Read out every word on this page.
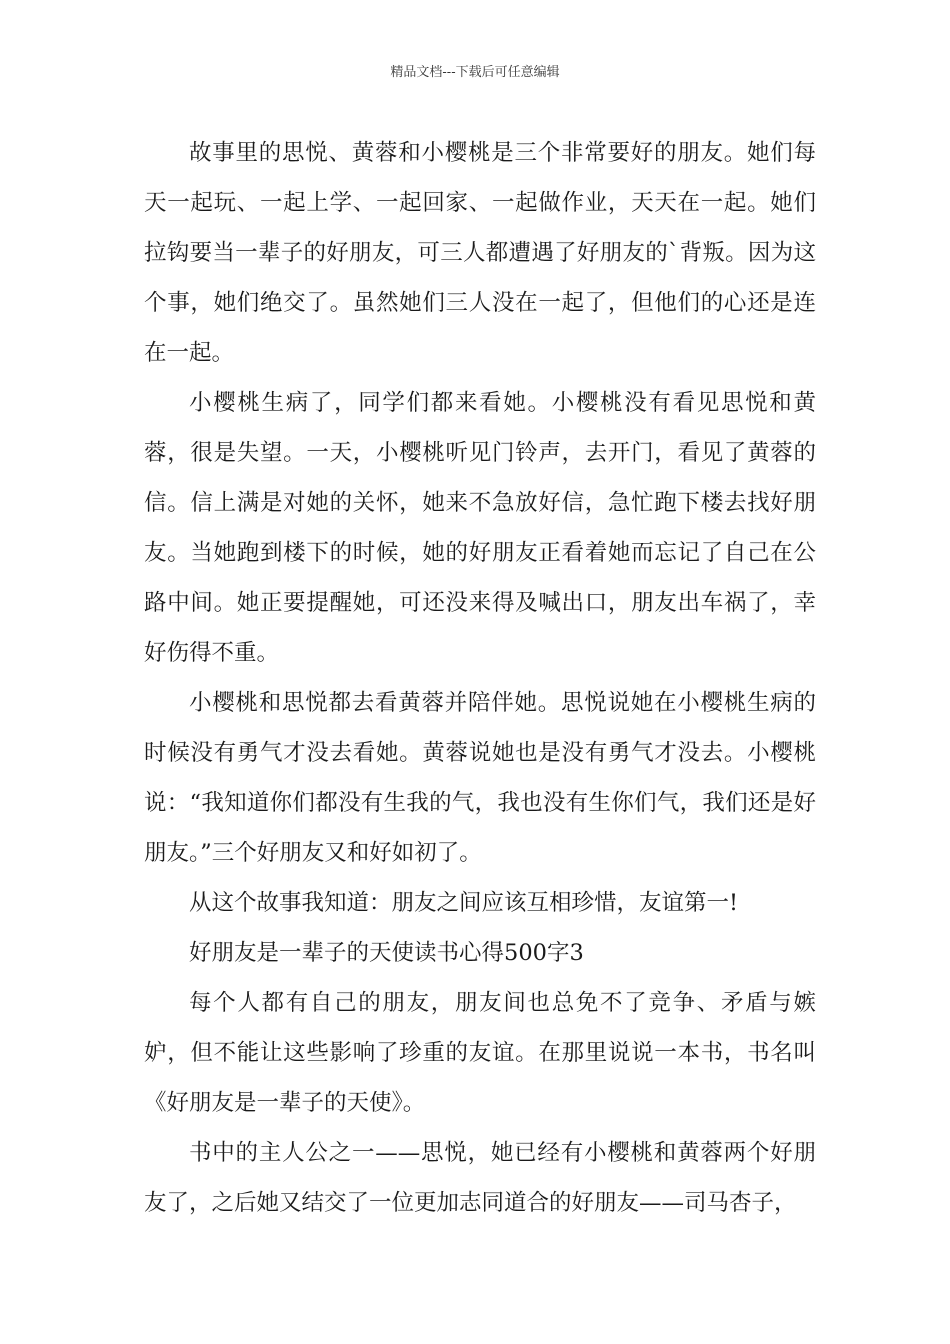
精品文档---下载后可任意编辑

故事里的思悦、黄蓉和小樱桃是三个非常要好的朋友。她们每天一起玩、一起上学、一起回家、一起做作业，天天在一起。她们拉钩要当一辈子的好朋友，可三人都遭遇了好朋友的`背叛。因为这个事，她们绝交了。虽然她们三人没在一起了，但他们的心还是连在一起。

小樱桃生病了，同学们都来看她。小樱桃没有看见思悦和黄蓉，很是失望。一天，小樱桃听见门铃声，去开门，看见了黄蓉的信。信上满是对她的关怀，她来不急放好信，急忙跑下楼去找好朋友。当她跑到楼下的时候，她的好朋友正看着她而忘记了自己在公路中间。她正要提醒她，可还没来得及喊出口，朋友出车祸了，幸好伤得不重。

小樱桃和思悦都去看黄蓉并陪伴她。思悦说她在小樱桃生病的时候没有勇气才没去看她。黄蓉说她也是没有勇气才没去。小樱桃说：“我知道你们都没有生我的气，我也没有生你们气，我们还是好朋友。”三个好朋友又和好如初了。

从这个故事我知道：朋友之间应该互相珍惜，友谊第一!

好朋友是一辈子的天使读书心得500字3

每个人都有自己的朋友，朋友间也总免不了竞争、矛盾与嫉妒，但不能让这些影响了珍重的友谊。在那里说说一本书，书名叫《好朋友是一辈子的天使》。

书中的主人公之一——思悦，她已经有小樱桃和黄蓉两个好朋友了，之后她又结交了一位更加志同道合的好朋友——司马杏子，
